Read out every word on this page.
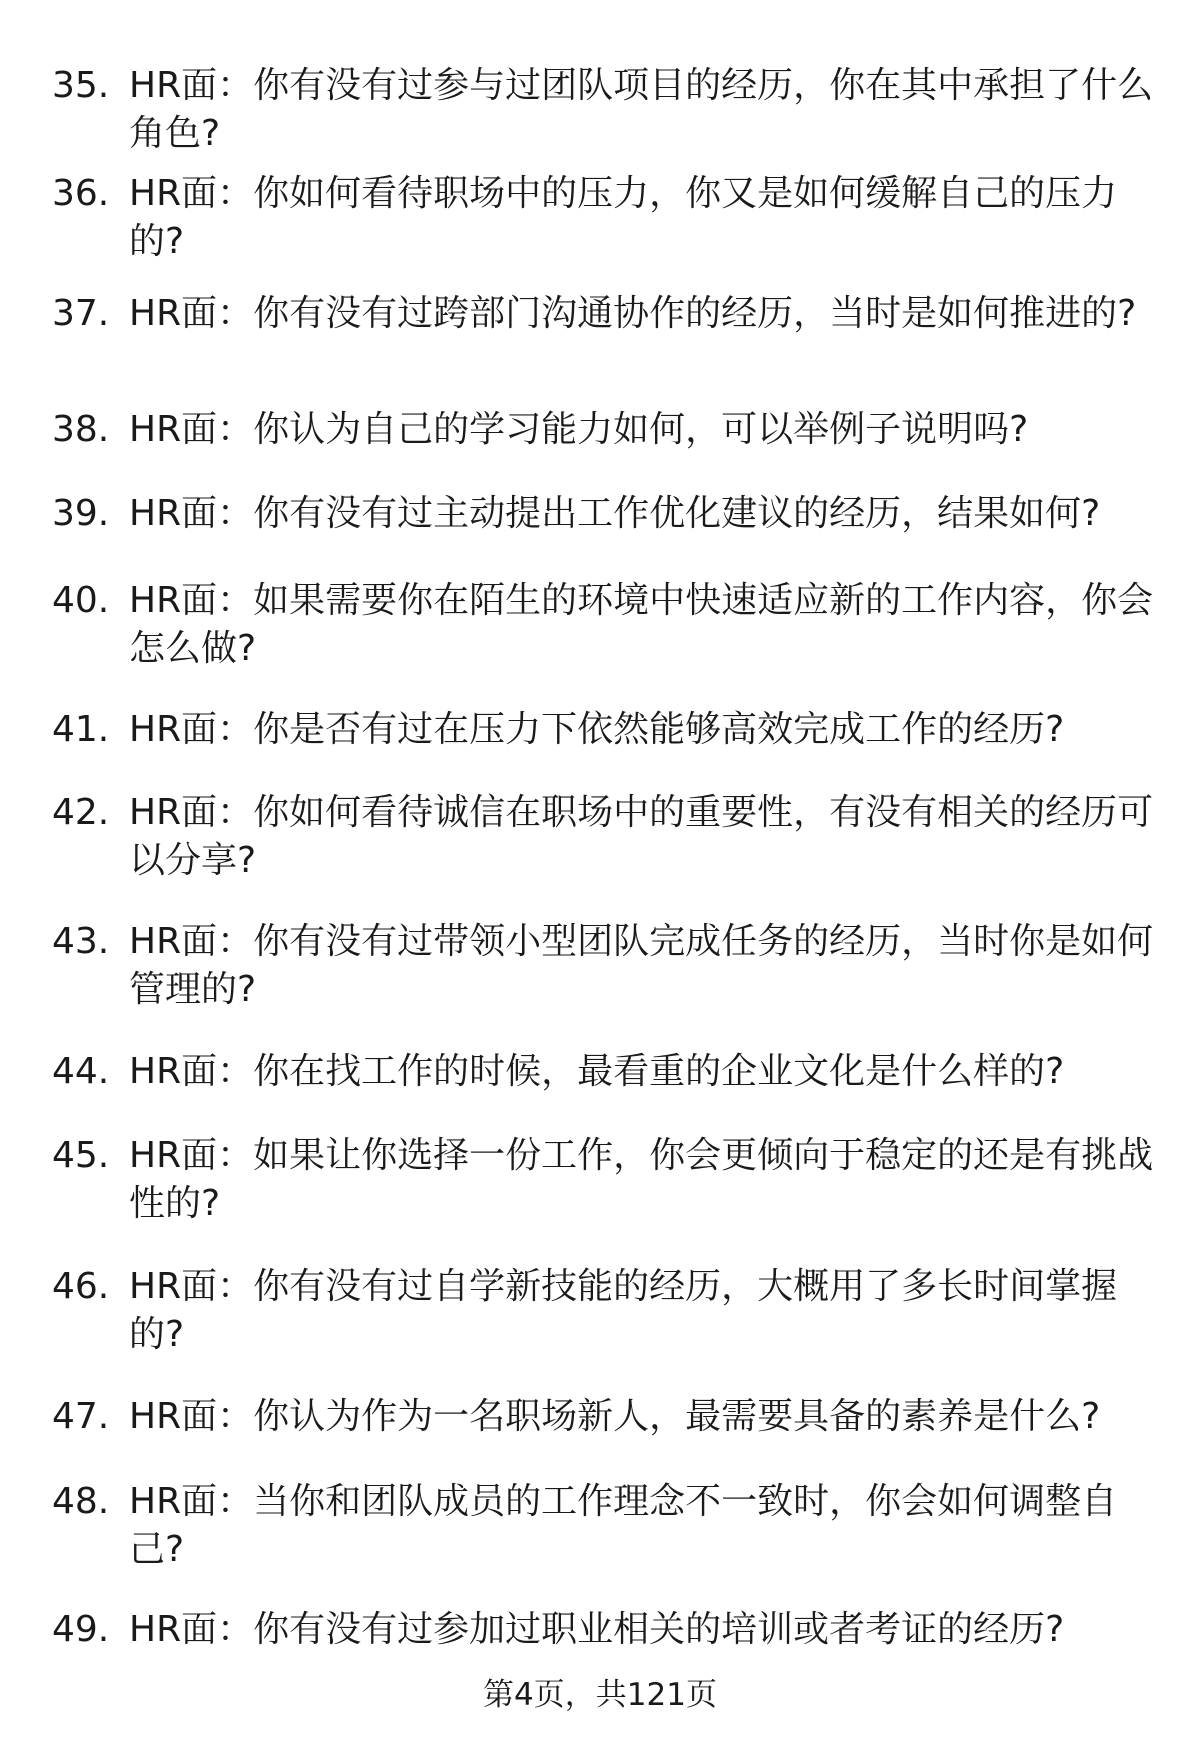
35. HR面：你有没有过参与过团队项目的经历，你在其中承担了什么角色?
36. HR面：你如何看待职场中的压力，你又是如何缓解自己的压力的?
37. HR面：你有没有过跨部门沟通协作的经历，当时是如何推进的?
38. HR面：你认为自己的学习能力如何，可以举例子说明吗?
39. HR面：你有没有过主动提出工作优化建议的经历，结果如何?
40. HR面：如果需要你在陌生的环境中快速适应新的工作内容，你会怎么做?
41. HR面：你是否有过在压力下依然能够高效完成工作的经历?
42. HR面：你如何看待诚信在职场中的重要性，有没有相关的经历可以分享?
43. HR面：你有没有过带领小型团队完成任务的经历，当时你是如何管理的?
44. HR面：你在找工作的时候，最看重的企业文化是什么样的?
45. HR面：如果让你选择一份工作，你会更倾向于稳定的还是有挑战性的?
46. HR面：你有没有过自学新技能的经历，大概用了多长时间掌握的?
47. HR面：你认为作为一名职场新人，最需要具备的素养是什么?
48. HR面：当你和团队成员的工作理念不一致时，你会如何调整自己?
49. HR面：你有没有过参加过职业相关的培训或者考证的经历?
第4页，共121页
